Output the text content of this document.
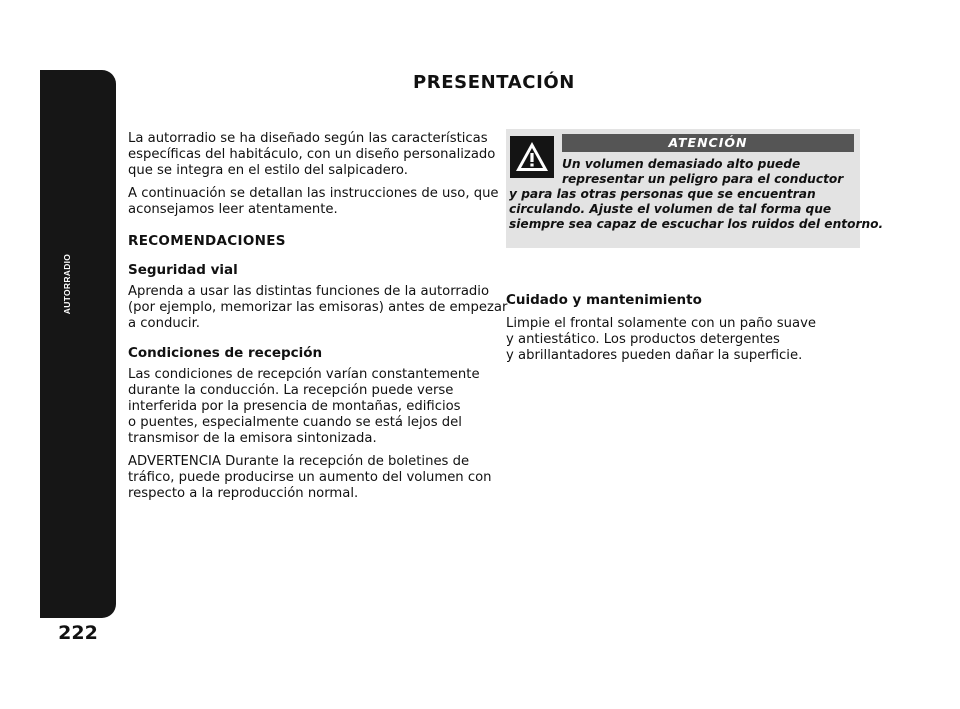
AUTORRADIO
222
PRESENTACIÓN

La autorradio se ha diseñado según las características
específicas del habitáculo, con un diseño personalizado
que se integra en el estilo del salpicadero.

A continuación se detallan las instrucciones de uso, que
aconsejamos leer atentamente.

RECOMENDACIONES
Seguridad vial

Aprenda a usar las distintas funciones de la autorradio
(por ejemplo, memorizar las emisoras) antes de empezar
a conducir.

Condiciones de recepción

Las condiciones de recepción varían constantemente
durante la conducción. La recepción puede verse
interferida por la presencia de montañas, edificios
o puentes, especialmente cuando se está lejos del
transmisor de la emisora sintonizada.

ADVERTENCIA Durante la recepción de boletines de
tráfico, puede producirse un aumento del volumen con
respecto a la reproducción normal.

ATENCIÓN
Un volumen demasiado alto puede
representar un peligro para el conductor
y para las otras personas que se encuentran
circulando. Ajuste el volumen de tal forma que
siempre sea capaz de escuchar los ruidos del entorno.
Cuidado y mantenimiento

Limpie el frontal solamente con un paño suave
y antiestático. Los productos detergentes
y abrillantadores pueden dañar la superficie.
